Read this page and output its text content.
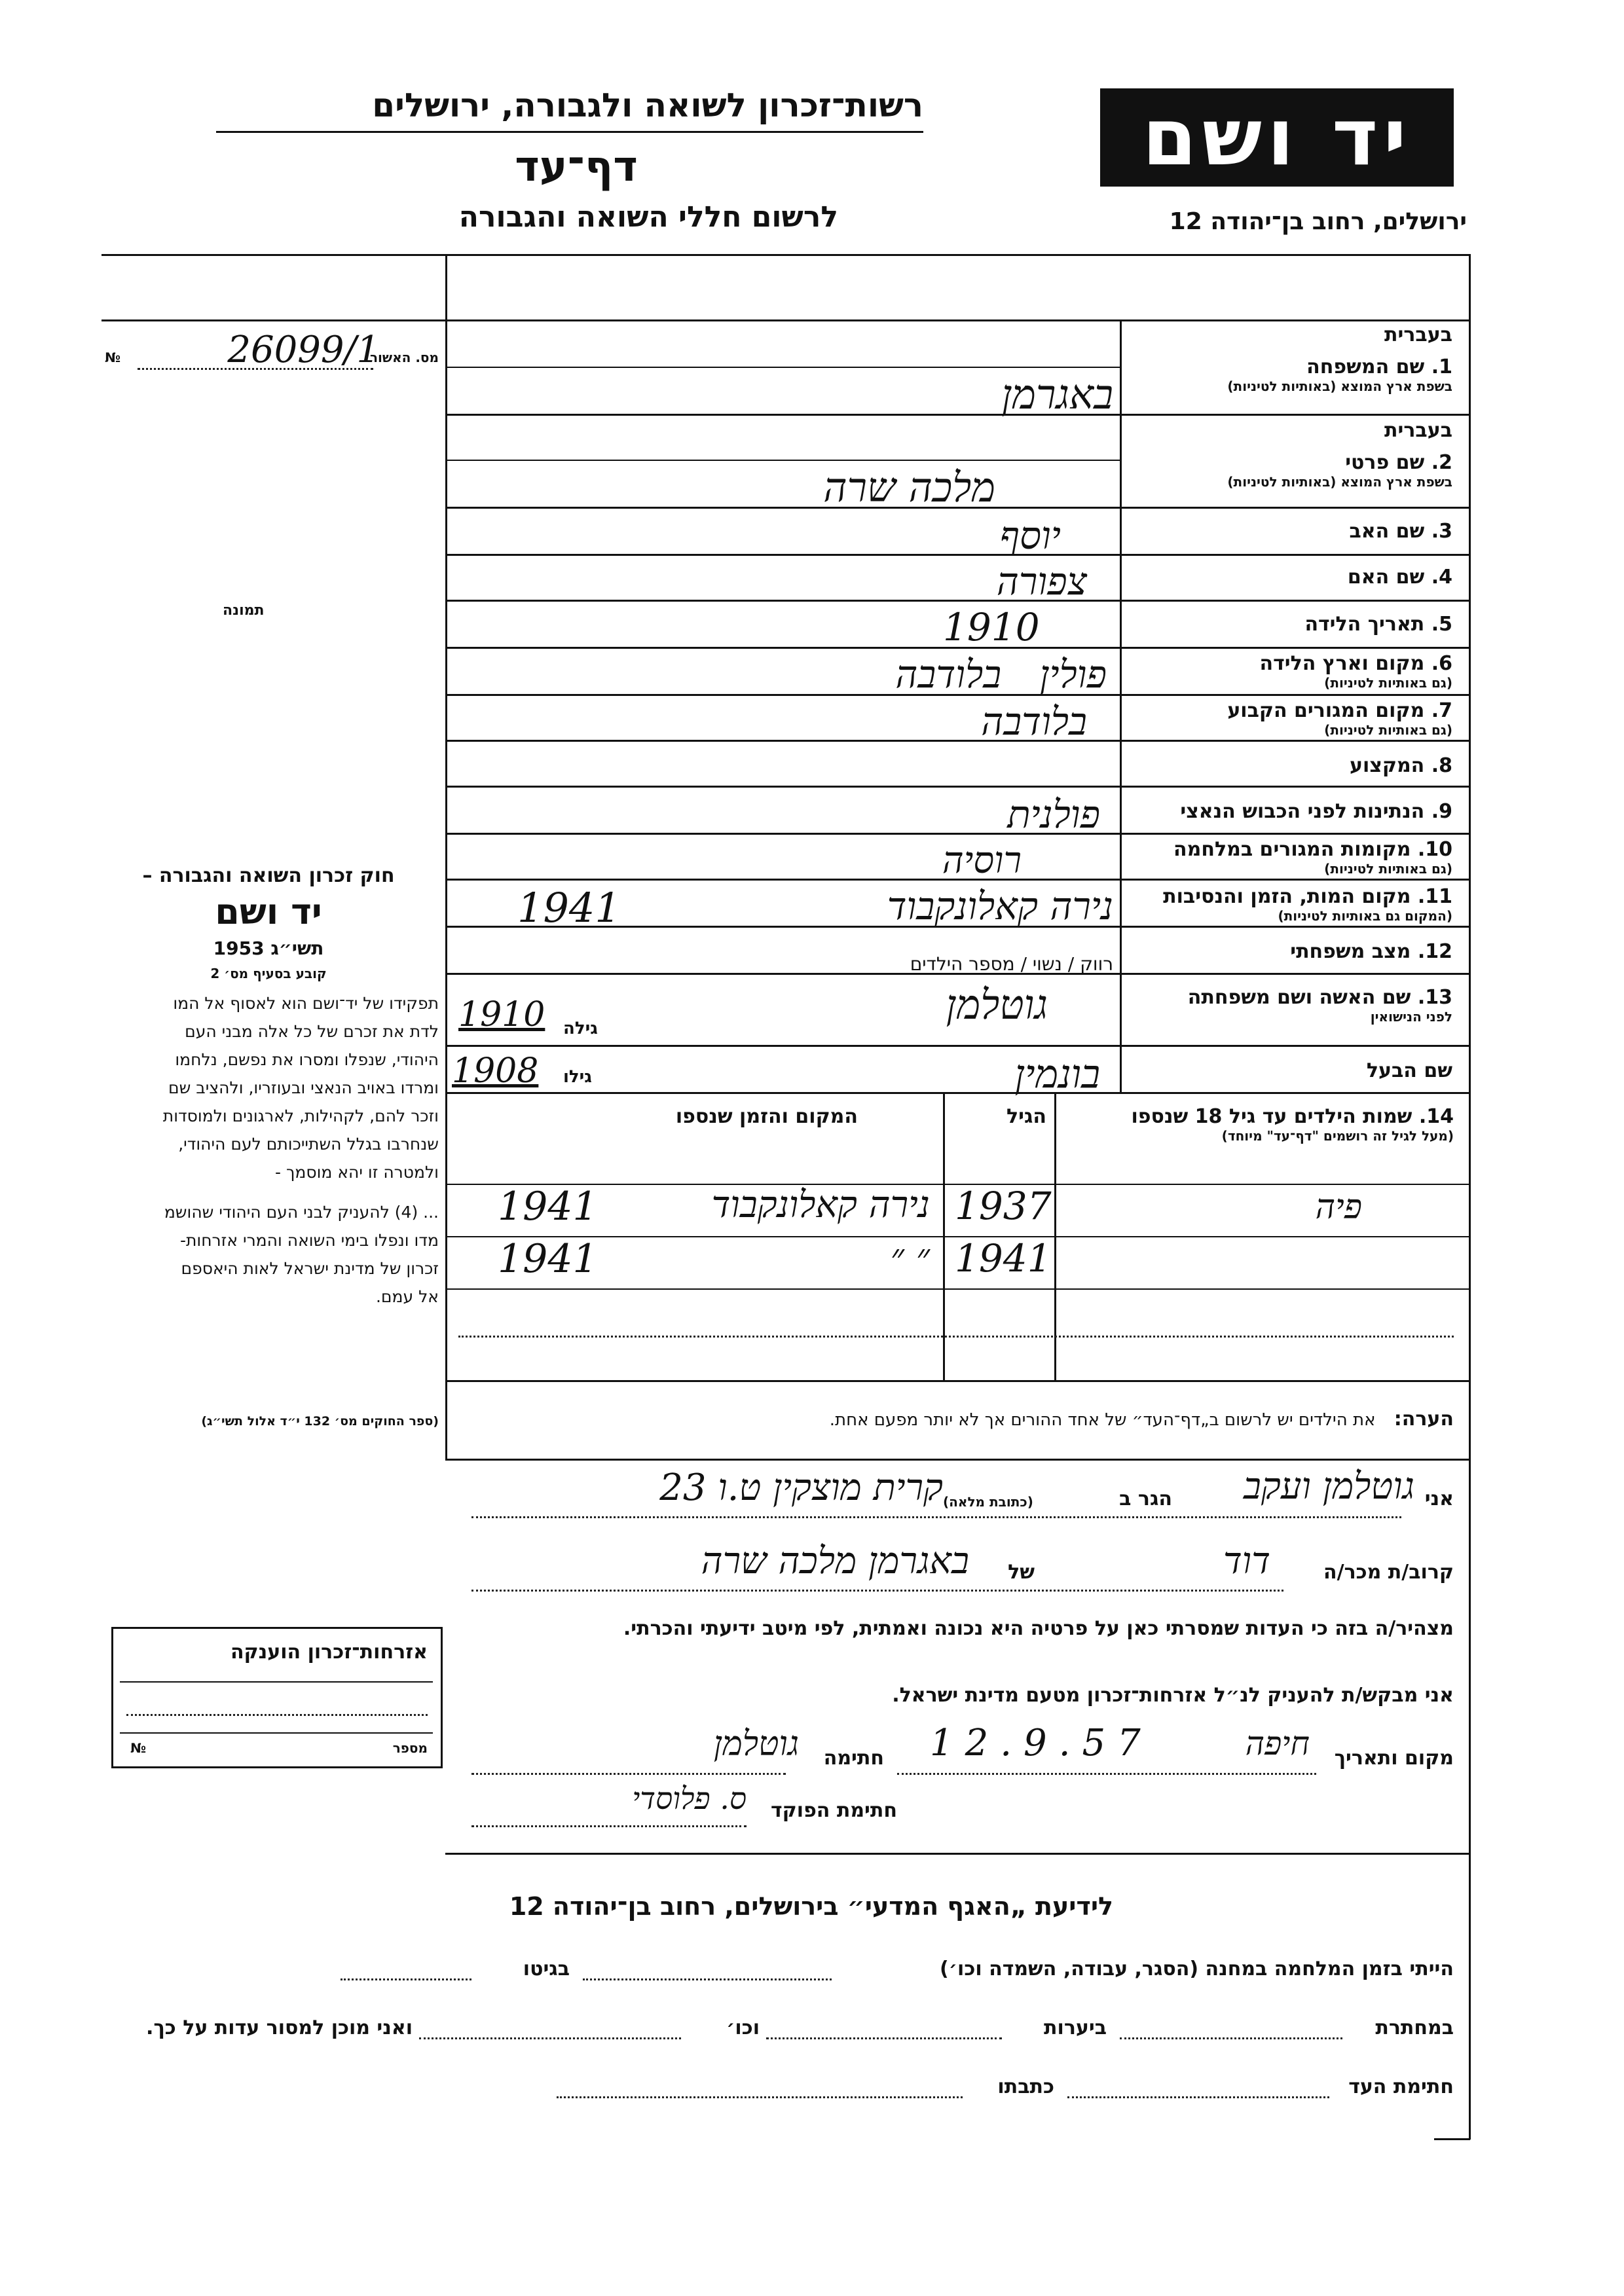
יד ושם
רשות־זכרון לשואה ולגבורה, ירושלים
דף־עד
לרשום חללי השואה והגבורה	ירושלים, רחוב בן־יהודה 12
מס. האשור
26099/1
№
תמונה
בעברית
1. שם המשפחה
בשפת ארץ המוצא (באותיות לטיניות)
בעברית
2. שם פרטי
בשפת ארץ המוצא (באותיות לטיניות)
3. שם האב
4. שם האם
5. תאריך הלידה
6. מקום וארץ הלידה
(גם באותיות לטיניות)
7. מקום המגורים הקבוע
(גם באותיות לטיניות)
8. המקצוע
9. הנתינות לפני הכבוש הנאצי
10. מקומות המגורים במלחמה
(גם באותיות לטיניות)
11. מקום המות, הזמן והנסיבות
(המקום גם באותיות לטיניות)
12. מצב משפחתי
13. שם האשה ושם משפחתה
לפני הנישואין
שם הבעל
באגרמן
מלכה שרה
יוסף
צפורה
1910
פולין בלודבה
בלודבה
פולנית
רוסיה
נירה קאלונקבוד
1941
רווק / נשוי / מספר הילדים
גוטלמן
גילה
1910
בונמין
גילו
1908
14. שמות הילדים עד גיל 18 שנספו
(מעל לגיל זה רושמים "דף־עד" מיוחד)
הגיל
המקום והזמן שנספו
פיה
1937
נירה קאלונקבוד
1941
1941
״ ״
1941
חוק זכרון השואה והגבורה –
יד ושם
תשי״ג 1953
קובע בסעיף מס׳ 2
תפקידו של יד־ושם הוא לאסוף אל המו
לדת את זכרם של כל אלה מבני העם
היהודי, שנפלו ומסרו את נפשם, נלחמו
ומרדו באויב הנאצי ובעוזריו, ולהציב שם
וזכר להם, לקהילות, לארגונים ולמוסדות
שנחרבו בגלל השתייכותם לעם היהודי,
ולמטרה זו יהא מוסמך -
... (4) להעניק לבני העם היהודי שהושמ
מדו ונפלו בימי השואה והמרי אזרחות-
זכרון של מדינת ישראל לאות היאספם
אל עמם.
(ספר החוקים מס׳ 132 י״ד אלול תשי״ג)	הערה: את הילדים יש לרשום ב„דף־העד״ של אחד ההורים אך לא יותר מפעם אחת.
אני
גוטלמן ועקב
הגר ב
(כתובת מלאה)
קרית מוצקין ט.ו 23
קרוב/ת מכר/ה
דוד
של
באגרמן מלכה שרה
מצהיר/ה בזה כי העדות שמסרתי כאן על פרטיה היא נכונה ואמתית, לפי מיטב ידיעתי והכרתי.
אני מבקש/ת להעניק לנ״ל אזרחות־זכרון מטעם מדינת ישראל.
מקום ותאריך
חיפה
12.9.57
חתימה
גוטלמן
חתימת הפוקד
ס. פלוסדי
אזרחות־זכרון הוענקה
מספר
№
לידיעת „האגף המדעי״ בירושלים, רחוב בן־יהודה 12
הייתי בזמן המלחמה במחנה (הסגר, עבודה, השמדה וכו׳)
בגיטו
במחתרת
ביערות
וכו׳
ואני מוכן למסור עדות על כך.
חתימת העד
כתבתו
